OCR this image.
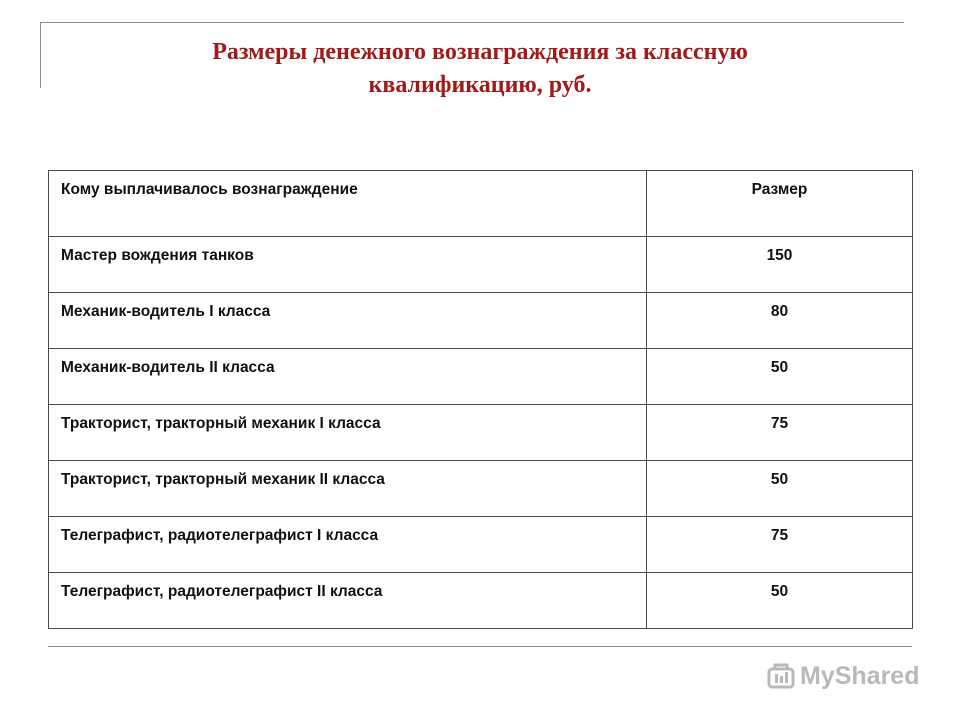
Размеры денежного вознаграждения за классную
квалификацию, руб.
Кому выплачивалось вознаграждение	Размер
Мастер вождения танков	150
Механик-водитель I класса	80
Механик-водитель II класса	50
Тракторист, тракторный механик I класса	75
Тракторист, тракторный механик II класса	50
Телеграфист, радиотелеграфист I класса	75
Телеграфист, радиотелеграфист II класса	50
MyShared
